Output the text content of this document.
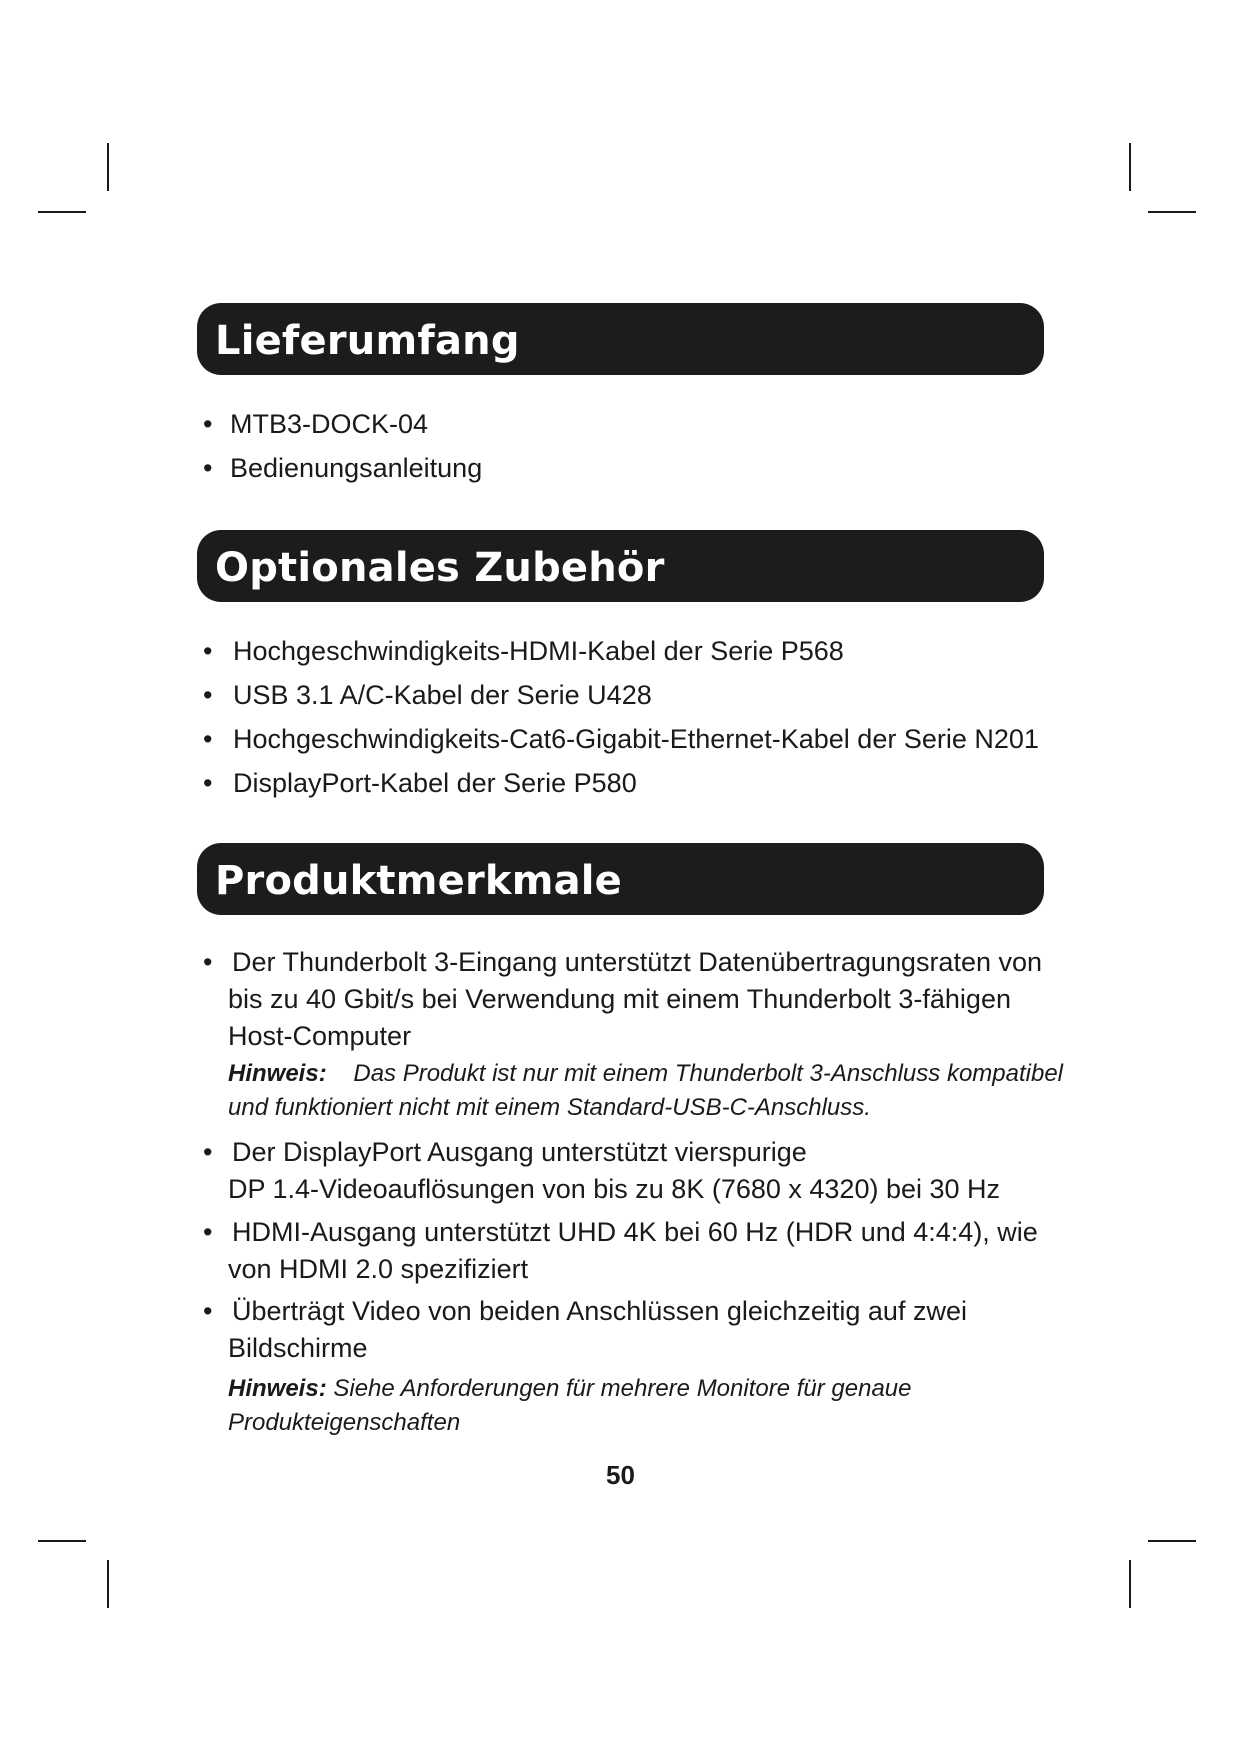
Lieferumfang
• MTB3-DOCK-04
• Bedienungsanleitung
Optionales Zubehör
• Hochgeschwindigkeits-HDMI-Kabel der Serie P568
• USB 3.1 A/C-Kabel der Serie U428
• Hochgeschwindigkeits-Cat6-Gigabit-Ethernet-Kabel der Serie N201
• DisplayPort-Kabel der Serie P580
Produktmerkmale
• Der Thunderbolt 3-Eingang unterstützt Datenübertragungsraten von
bis zu 40 Gbit/s bei Verwendung mit einem Thunderbolt 3-fähigen
Host-Computer
Hinweis: Das Produkt ist nur mit einem Thunderbolt 3-Anschluss kompatibel
und funktioniert nicht mit einem Standard-USB-C-Anschluss.
• Der DisplayPort Ausgang unterstützt vierspurige
DP 1.4-Videoauflösungen von bis zu 8K (7680 x 4320) bei 30 Hz
• HDMI-Ausgang unterstützt UHD 4K bei 60 Hz (HDR und 4:4:4), wie
von HDMI 2.0 spezifiziert
• Überträgt Video von beiden Anschlüssen gleichzeitig auf zwei
Bildschirme
Hinweis: Siehe Anforderungen für mehrere Monitore für genaue
Produkteigenschaften
50
